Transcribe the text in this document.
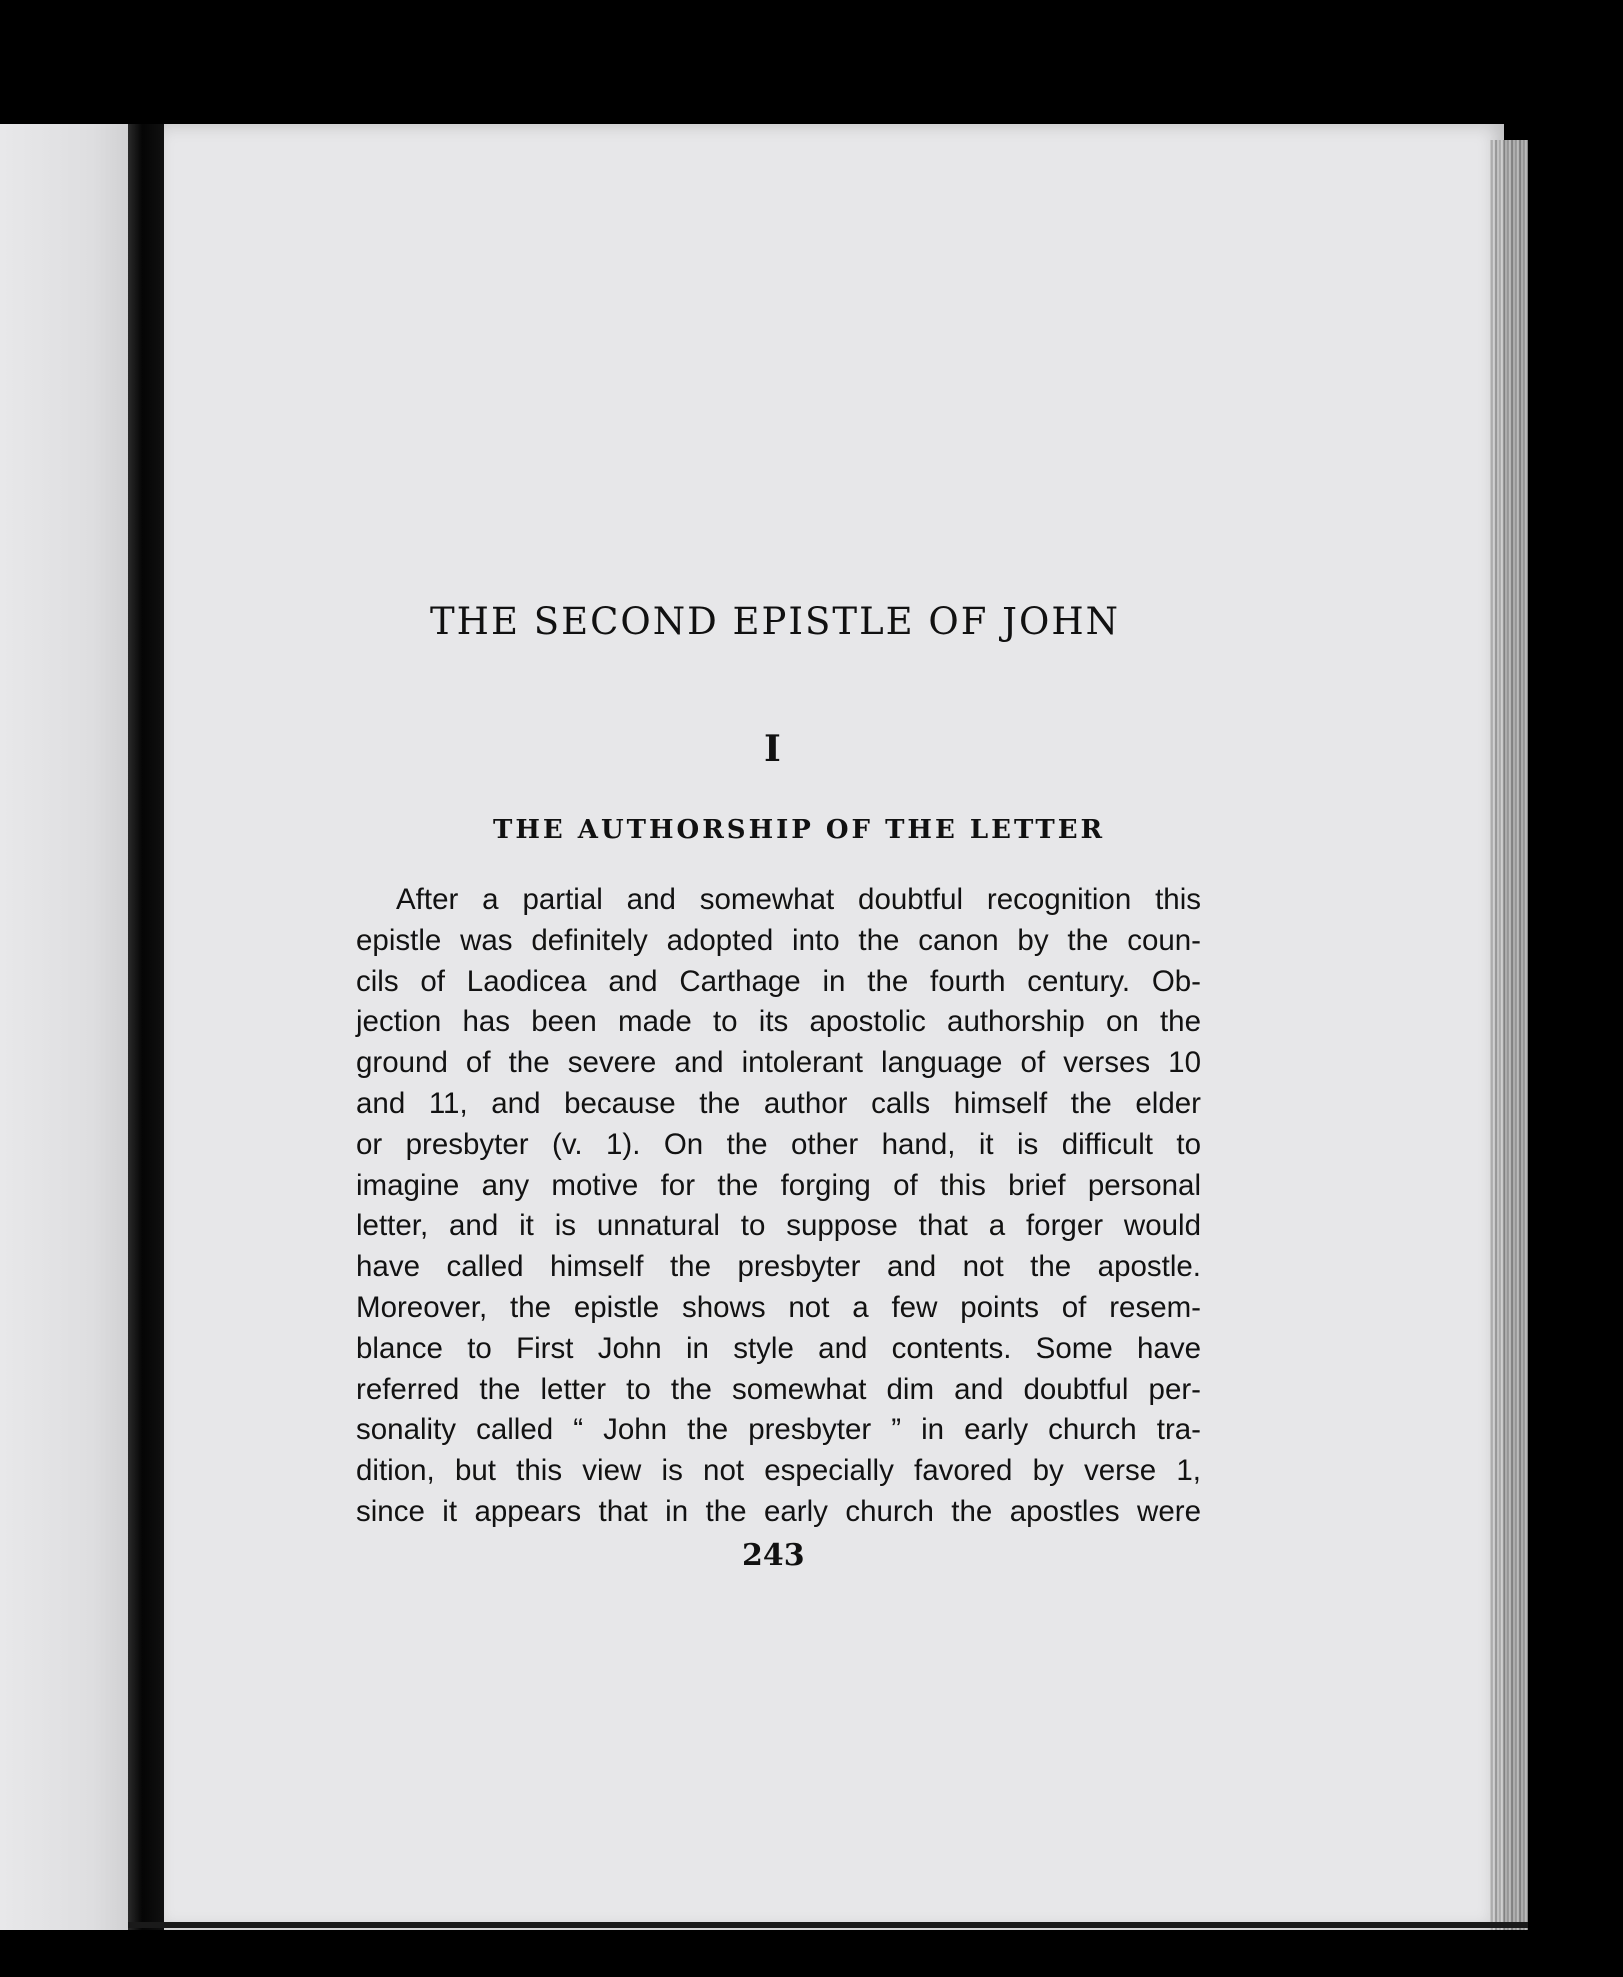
THE SECOND EPISTLE OF JOHN
I
THE AUTHORSHIP OF THE LETTER
After a partial and somewhat doubtful recognition this
epistle was definitely adopted into the canon by the coun-
cils of Laodicea and Carthage in the fourth century. Ob-
jection has been made to its apostolic authorship on the
ground of the severe and intolerant language of verses 10
and 11, and because the author calls himself the elder
or presbyter (v. 1). On the other hand, it is difficult to
imagine any motive for the forging of this brief personal
letter, and it is unnatural to suppose that a forger would
have called himself the presbyter and not the apostle.
Moreover, the epistle shows not a few points of resem-
blance to First John in style and contents. Some have
referred the letter to the somewhat dim and doubtful per-
sonality called “ John the presbyter ” in early church tra-
dition, but this view is not especially favored by verse 1,
since it appears that in the early church the apostles were
243
